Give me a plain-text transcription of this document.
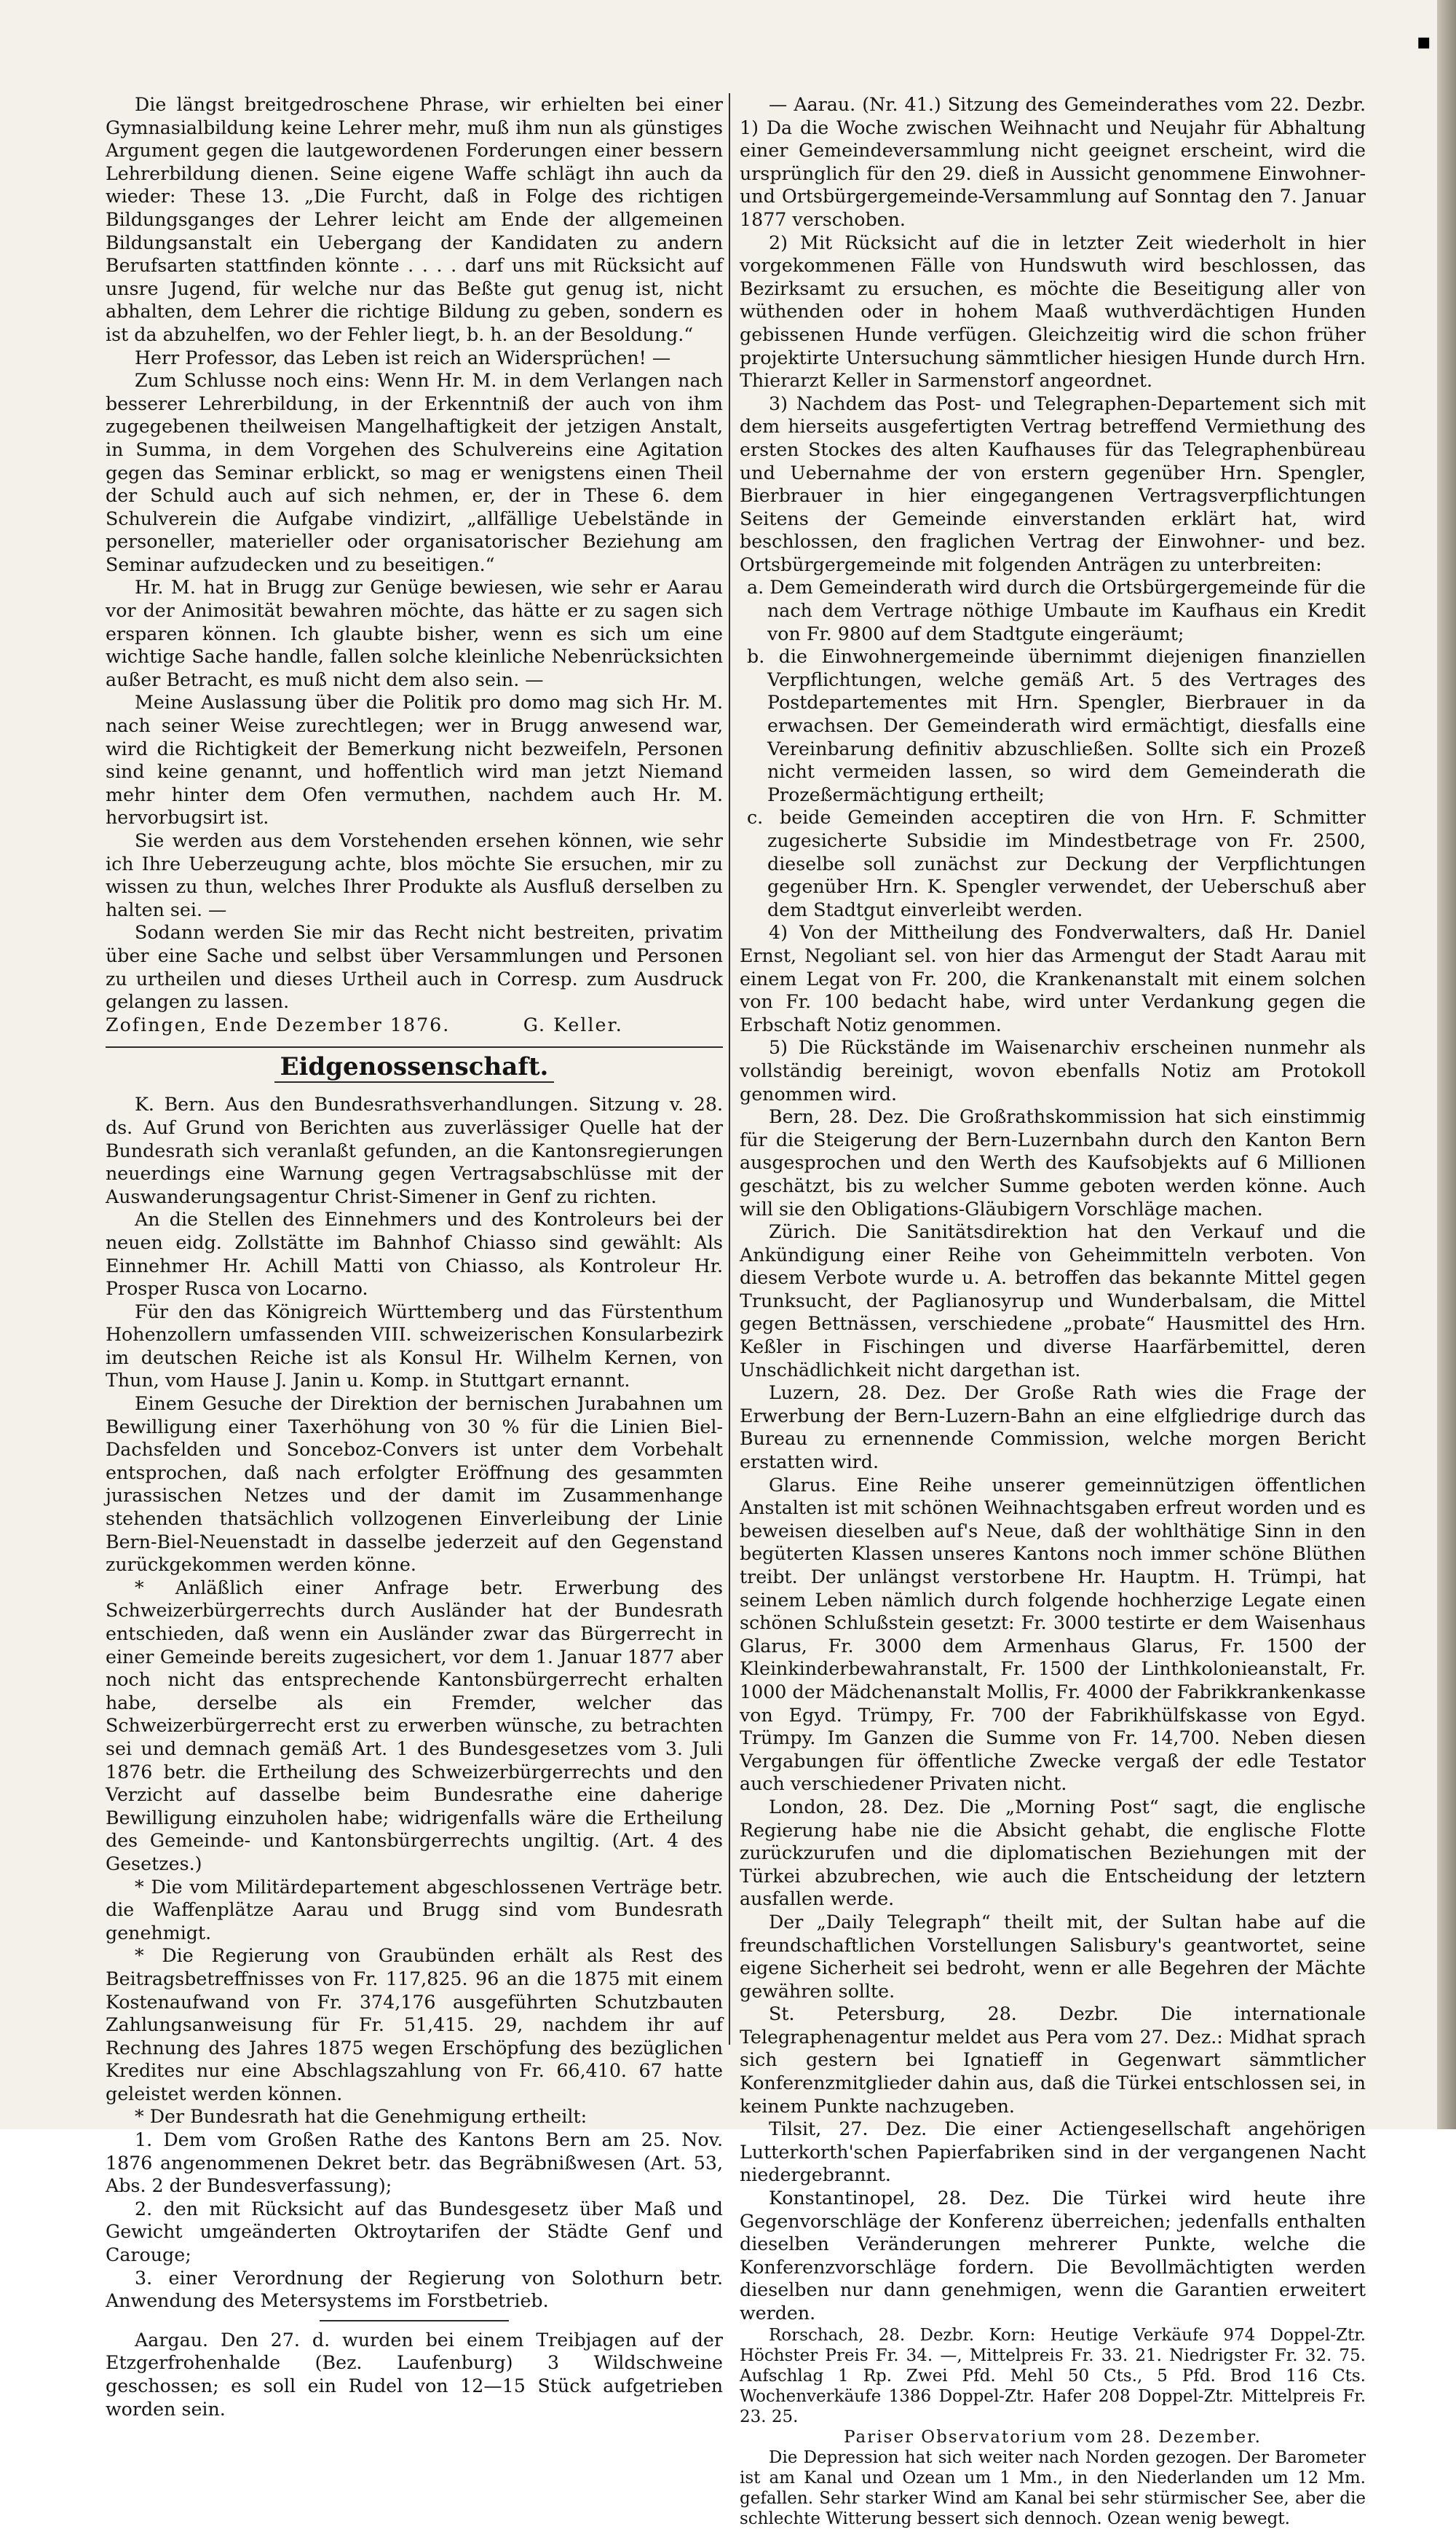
▪

Die längst breitgedroschene Phrase, wir erhielten bei einer Gymnasialbildung keine Lehrer mehr, muß ihm nun als günstiges Argument gegen die lautgewordenen Forderungen einer bessern Lehrerbildung dienen. Seine eigene Waffe schlägt ihn auch da wieder: These 13. „Die Furcht, daß in Folge des richtigen Bildungsganges der Lehrer leicht am Ende der allgemeinen Bildungsanstalt ein Uebergang der Kandidaten zu andern Berufsarten stattfinden könnte . . . . darf uns mit Rücksicht auf unsre Jugend, für welche nur das Beßte gut genug ist, nicht abhalten, dem Lehrer die richtige Bildung zu geben, sondern es ist da abzuhelfen, wo der Fehler liegt, b. h. an der Besoldung.“

Herr Professor, das Leben ist reich an Widersprüchen! —

Zum Schlusse noch eins: Wenn Hr. M. in dem Verlangen nach besserer Lehrerbildung, in der Erkenntniß der auch von ihm zugegebenen theilweisen Mangelhaftigkeit der jetzigen Anstalt, in Summa, in dem Vorgehen des Schulvereins eine Agitation gegen das Seminar erblickt, so mag er wenigstens einen Theil der Schuld auch auf sich nehmen, er, der in These 6. dem Schulverein die Aufgabe vindizirt, „allfällige Uebelstände in personeller, materieller oder organisatorischer Beziehung am Seminar aufzudecken und zu beseitigen.“

Hr. M. hat in Brugg zur Genüge bewiesen, wie sehr er Aarau vor der Animosität bewahren möchte, das hätte er zu sagen sich ersparen können. Ich glaubte bisher, wenn es sich um eine wichtige Sache handle, fallen solche kleinliche Nebenrücksichten außer Betracht, es muß nicht dem also sein. —

Meine Auslassung über die Politik pro domo mag sich Hr. M. nach seiner Weise zurechtlegen; wer in Brugg anwesend war, wird die Richtigkeit der Bemerkung nicht bezweifeln, Personen sind keine genannt, und hoffentlich wird man jetzt Niemand mehr hinter dem Ofen vermuthen, nachdem auch Hr. M. hervorbugsirt ist.

Sie werden aus dem Vorstehenden ersehen können, wie sehr ich Ihre Ueberzeugung achte, blos möchte Sie ersuchen, mir zu wissen zu thun, welches Ihrer Produkte als Ausfluß derselben zu halten sei. —

Sodann werden Sie mir das Recht nicht bestreiten, privatim über eine Sache und selbst über Versammlungen und Personen zu urtheilen und dieses Urtheil auch in Corresp. zum Ausdruck gelangen zu lassen.

Zofingen, Ende Dezember 1876.          G. Keller.

Eidgenossenschaft.

K. Bern. Aus den Bundesrathsverhandlungen. Sitzung v. 28. ds. Auf Grund von Berichten aus zuverlässiger Quelle hat der Bundesrath sich veranlaßt gefunden, an die Kantonsregierungen neuerdings eine Warnung gegen Vertragsabschlüsse mit der Auswanderungsagentur Christ-Simener in Genf zu richten.

An die Stellen des Einnehmers und des Kontroleurs bei der neuen eidg. Zollstätte im Bahnhof Chiasso sind gewählt: Als Einnehmer Hr. Achill Matti von Chiasso, als Kontroleur Hr. Prosper Rusca von Locarno.

Für den das Königreich Württemberg und das Fürstenthum Hohenzollern umfassenden VIII. schweizerischen Konsularbezirk im deutschen Reiche ist als Konsul Hr. Wilhelm Kernen, von Thun, vom Hause J. Janin u. Komp. in Stuttgart ernannt.

Einem Gesuche der Direktion der bernischen Jurabahnen um Bewilligung einer Taxerhöhung von 30 % für die Linien Biel-Dachsfelden und Sonceboz-Convers ist unter dem Vorbehalt entsprochen, daß nach erfolgter Eröffnung des gesammten jurassischen Netzes und der damit im Zusammenhange stehenden thatsächlich vollzogenen Einverleibung der Linie Bern-Biel-Neuenstadt in dasselbe jederzeit auf den Gegenstand zurückgekommen werden könne.

* Anläßlich einer Anfrage betr. Erwerbung des Schweizerbürgerrechts durch Ausländer hat der Bundesrath entschieden, daß wenn ein Ausländer zwar das Bürgerrecht in einer Gemeinde bereits zugesichert, vor dem 1. Januar 1877 aber noch nicht das entsprechende Kantonsbürgerrecht erhalten habe, derselbe als ein Fremder, welcher das Schweizerbürgerrecht erst zu erwerben wünsche, zu betrachten sei und demnach gemäß Art. 1 des Bundesgesetzes vom 3. Juli 1876 betr. die Ertheilung des Schweizerbürgerrechts und den Verzicht auf dasselbe beim Bundesrathe eine daherige Bewilligung einzuholen habe; widrigenfalls wäre die Ertheilung des Gemeinde- und Kantonsbürgerrechts ungiltig. (Art. 4 des Gesetzes.)

* Die vom Militärdepartement abgeschlossenen Verträge betr. die Waffenplätze Aarau und Brugg sind vom Bundesrath genehmigt.

* Die Regierung von Graubünden erhält als Rest des Beitragsbetreffnisses von Fr. 117,825. 96 an die 1875 mit einem Kostenaufwand von Fr. 374,176 ausgeführten Schutzbauten Zahlungsanweisung für Fr. 51,415. 29, nachdem ihr auf Rechnung des Jahres 1875 wegen Erschöpfung des bezüglichen Kredites nur eine Abschlagszahlung von Fr. 66,410. 67 hatte geleistet werden können.

* Der Bundesrath hat die Genehmigung ertheilt:

1. Dem vom Großen Rathe des Kantons Bern am 25. Nov. 1876 angenommenen Dekret betr. das Begräbnißwesen (Art. 53, Abs. 2 der Bundesverfassung);

2. den mit Rücksicht auf das Bundesgesetz über Maß und Gewicht umgeänderten Oktroytarifen der Städte Genf und Carouge;

3. einer Verordnung der Regierung von Solothurn betr. Anwendung des Metersystems im Forstbetrieb.

Aargau. Den 27. d. wurden bei einem Treibjagen auf der Etzgerfrohenhalde (Bez. Laufenburg) 3 Wildschweine geschossen; es soll ein Rudel von 12—15 Stück aufgetrieben worden sein.

— Aarau. (Nr. 41.) Sitzung des Gemeinderathes vom 22. Dezbr. 1) Da die Woche zwischen Weihnacht und Neujahr für Abhaltung einer Gemeindeversammlung nicht geeignet erscheint, wird die ursprünglich für den 29. dieß in Aussicht genommene Einwohner- und Ortsbürgergemeinde-Versammlung auf Sonntag den 7. Januar 1877 verschoben.

2) Mit Rücksicht auf die in letzter Zeit wiederholt in hier vorgekommenen Fälle von Hundswuth wird beschlossen, das Bezirksamt zu ersuchen, es möchte die Beseitigung aller von wüthenden oder in hohem Maaß wuthverdächtigen Hunden gebissenen Hunde verfügen. Gleichzeitig wird die schon früher projektirte Untersuchung sämmtlicher hiesigen Hunde durch Hrn. Thierarzt Keller in Sarmenstorf angeordnet.

3) Nachdem das Post- und Telegraphen-Departement sich mit dem hierseits ausgefertigten Vertrag betreffend Vermiethung des ersten Stockes des alten Kaufhauses für das Telegraphenbüreau und Uebernahme der von erstern gegenüber Hrn. Spengler, Bierbrauer in hier eingegangenen Vertragsverpflichtungen Seitens der Gemeinde einverstanden erklärt hat, wird beschlossen, den fraglichen Vertrag der Einwohner- und bez. Ortsbürgergemeinde mit folgenden Anträgen zu unterbreiten:

a. Dem Gemeinderath wird durch die Ortsbürgergemeinde für die nach dem Vertrage nöthige Umbaute im Kaufhaus ein Kredit von Fr. 9800 auf dem Stadtgute eingeräumt;

b. die Einwohnergemeinde übernimmt diejenigen finanziellen Verpflichtungen, welche gemäß Art. 5 des Vertrages des Postdepartementes mit Hrn. Spengler, Bierbrauer in da erwachsen. Der Gemeinderath wird ermächtigt, diesfalls eine Vereinbarung definitiv abzuschließen. Sollte sich ein Prozeß nicht vermeiden lassen, so wird dem Gemeinderath die Prozeßermächtigung ertheilt;

c. beide Gemeinden acceptiren die von Hrn. F. Schmitter zugesicherte Subsidie im Mindestbetrage von Fr. 2500, dieselbe soll zunächst zur Deckung der Verpflichtungen gegenüber Hrn. K. Spengler verwendet, der Ueberschuß aber dem Stadtgut einverleibt werden.

4) Von der Mittheilung des Fondverwalters, daß Hr. Daniel Ernst, Negoliant sel. von hier das Armengut der Stadt Aarau mit einem Legat von Fr. 200, die Krankenanstalt mit einem solchen von Fr. 100 bedacht habe, wird unter Verdankung gegen die Erbschaft Notiz genommen.

5) Die Rückstände im Waisenarchiv erscheinen nunmehr als vollständig bereinigt, wovon ebenfalls Notiz am Protokoll genommen wird.

Bern, 28. Dez. Die Großrathskommission hat sich einstimmig für die Steigerung der Bern-Luzernbahn durch den Kanton Bern ausgesprochen und den Werth des Kaufsobjekts auf 6 Millionen geschätzt, bis zu welcher Summe geboten werden könne. Auch will sie den Obligations-Gläubigern Vorschläge machen.

Zürich. Die Sanitätsdirektion hat den Verkauf und die Ankündigung einer Reihe von Geheimmitteln verboten. Von diesem Verbote wurde u. A. betroffen das bekannte Mittel gegen Trunksucht, der Paglianosyrup und Wunderbalsam, die Mittel gegen Bettnässen, verschiedene „probate“ Hausmittel des Hrn. Keßler in Fischingen und diverse Haarfärbemittel, deren Unschädlichkeit nicht dargethan ist.

Luzern, 28. Dez. Der Große Rath wies die Frage der Erwerbung der Bern-Luzern-Bahn an eine elfgliedrige durch das Bureau zu ernennende Commission, welche morgen Bericht erstatten wird.

Glarus. Eine Reihe unserer gemeinnützigen öffentlichen Anstalten ist mit schönen Weihnachtsgaben erfreut worden und es beweisen dieselben auf's Neue, daß der wohlthätige Sinn in den begüterten Klassen unseres Kantons noch immer schöne Blüthen treibt. Der unlängst verstorbene Hr. Hauptm. H. Trümpi, hat seinem Leben nämlich durch folgende hochherzige Legate einen schönen Schlußstein gesetzt: Fr. 3000 testirte er dem Waisenhaus Glarus, Fr. 3000 dem Armenhaus Glarus, Fr. 1500 der Kleinkinderbewahranstalt, Fr. 1500 der Linthkolonieanstalt, Fr. 1000 der Mädchenanstalt Mollis, Fr. 4000 der Fabrikkrankenkasse von Egyd. Trümpy, Fr. 700 der Fabrikhülfskasse von Egyd. Trümpy. Im Ganzen die Summe von Fr. 14,700. Neben diesen Vergabungen für öffentliche Zwecke vergaß der edle Testator auch verschiedener Privaten nicht.

London, 28. Dez. Die „Morning Post“ sagt, die englische Regierung habe nie die Absicht gehabt, die englische Flotte zurückzurufen und die diplomatischen Beziehungen mit der Türkei abzubrechen, wie auch die Entscheidung der letztern ausfallen werde.

Der „Daily Telegraph“ theilt mit, der Sultan habe auf die freundschaftlichen Vorstellungen Salisbury's geantwortet, seine eigene Sicherheit sei bedroht, wenn er alle Begehren der Mächte gewähren sollte.

St. Petersburg, 28. Dezbr. Die internationale Telegraphenagentur meldet aus Pera vom 27. Dez.: Midhat sprach sich gestern bei Ignatieff in Gegenwart sämmtlicher Konferenzmitglieder dahin aus, daß die Türkei entschlossen sei, in keinem Punkte nachzugeben.

Tilsit, 27. Dez. Die einer Actiengesellschaft angehörigen Lutterkorth'schen Papierfabriken sind in der vergangenen Nacht niedergebrannt.

Konstantinopel, 28. Dez. Die Türkei wird heute ihre Gegenvorschläge der Konferenz überreichen; jedenfalls enthalten dieselben Veränderungen mehrerer Punkte, welche die Konferenzvorschläge fordern. Die Bevollmächtigten werden dieselben nur dann genehmigen, wenn die Garantien erweitert werden.

Rorschach, 28. Dezbr. Korn: Heutige Verkäufe 974 Doppel-Ztr. Höchster Preis Fr. 34. —, Mittelpreis Fr. 33. 21. Niedrigster Fr. 32. 75. Aufschlag 1 Rp. Zwei Pfd. Mehl 50 Cts., 5 Pfd. Brod 116 Cts. Wochenverkäufe 1386 Doppel-Ztr. Hafer 208 Doppel-Ztr. Mittelpreis Fr. 23. 25.

Pariser Observatorium vom 28. Dezember.

Die Depression hat sich weiter nach Norden gezogen. Der Barometer ist am Kanal und Ozean um 1 Mm., in den Niederlanden um 12 Mm. gefallen. Sehr starker Wind am Kanal bei sehr stürmischer See, aber die schlechte Witterung bessert sich dennoch. Ozean wenig bewegt.
